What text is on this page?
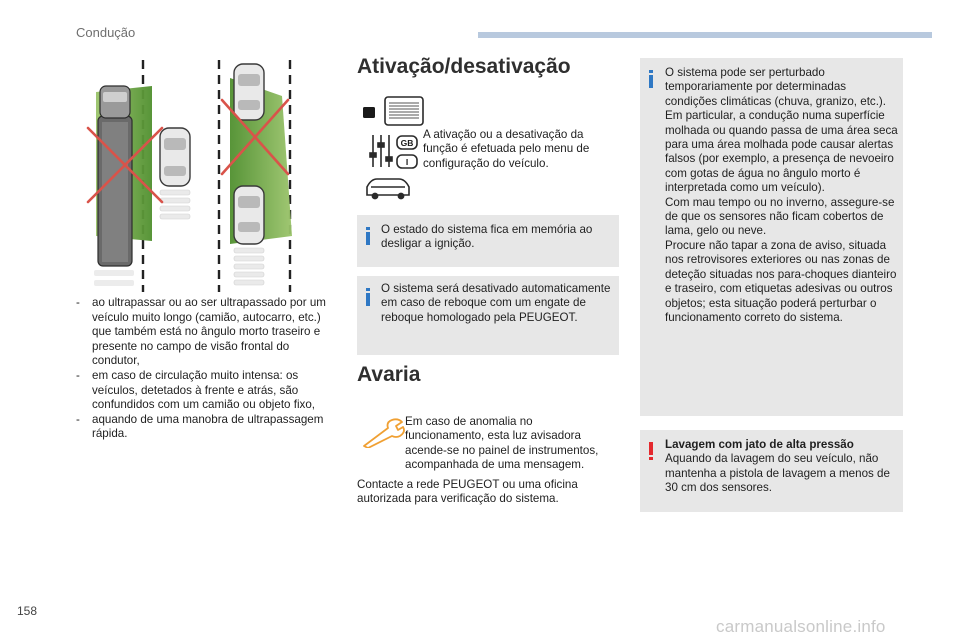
Condução
- ao ultrapassar ou ao ser ultrapassado por um veículo muito longo (camião, autocarro, etc.) que também está no ângulo morto traseiro e presente no campo de visão frontal do condutor,
- em caso de circulação muito intensa: os veículos, detetados à frente e atrás, são confundidos com um camião ou objeto fixo,
- aquando de uma manobra de ultrapassagem rápida.
Ativação/desativação
GB
I
A ativação ou a desativação da função é efetuada pelo menu de configuração do veículo.
O estado do sistema fica em memória ao desligar a ignição.
O sistema será desativado automaticamente em caso de reboque com um engate de reboque homologado pela PEUGEOT.
Avaria
Em caso de anomalia no funcionamento, esta luz avisadora acende-se no painel de instrumentos, acompanhada de uma mensagem.
Contacte a rede PEUGEOT ou uma oficina autorizada para verificação do sistema.
O sistema pode ser perturbado temporariamente por determinadas condições climáticas (chuva, granizo, etc.).
Em particular, a condução numa superfície molhada ou quando passa de uma área seca para uma área molhada pode causar alertas falsos (por exemplo, a presença de nevoeiro com gotas de água no ângulo morto é interpretada como um veículo).
Com mau tempo ou no inverno, assegure-se de que os sensores não ficam cobertos de lama, gelo ou neve.
Procure não tapar a zona de aviso, situada nos retrovisores exteriores ou nas zonas de deteção situadas nos para-choques dianteiro e traseiro, com etiquetas adesivas ou outros objetos; esta situação poderá perturbar o funcionamento correto do sistema.
Lavagem com jato de alta pressão
Aquando da lavagem do seu veículo, não mantenha a pistola de lavagem a menos de 30 cm dos sensores.
158
carmanualsonline.info
